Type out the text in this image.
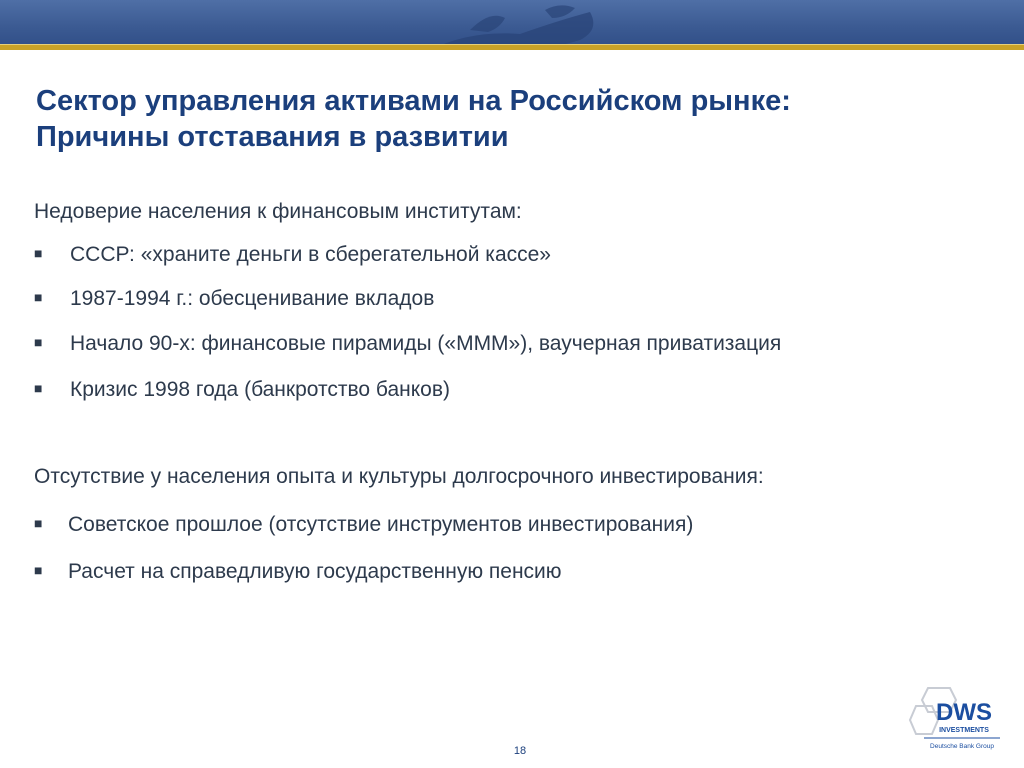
Сектор управления активами на Российском рынке:
Причины отставания в развитии

Недоверие населения к финансовым институтам:

■ СССР: «храните деньги в сберегательной кассе»
■ 1987-1994 г.: обесценивание вкладов
■ Начало 90-х: финансовые пирамиды («МММ»), ваучерная приватизация
■ Кризис 1998 года (банкротство банков)

Отсутствие у населения опыта и культуры долгосрочного инвестирования:

■ Советское прошлое (отсутствие инструментов инвестирования)
■ Расчет на справедливую государственную пенсию
18
DWS
INVESTMENTS
Deutsche Bank Group
